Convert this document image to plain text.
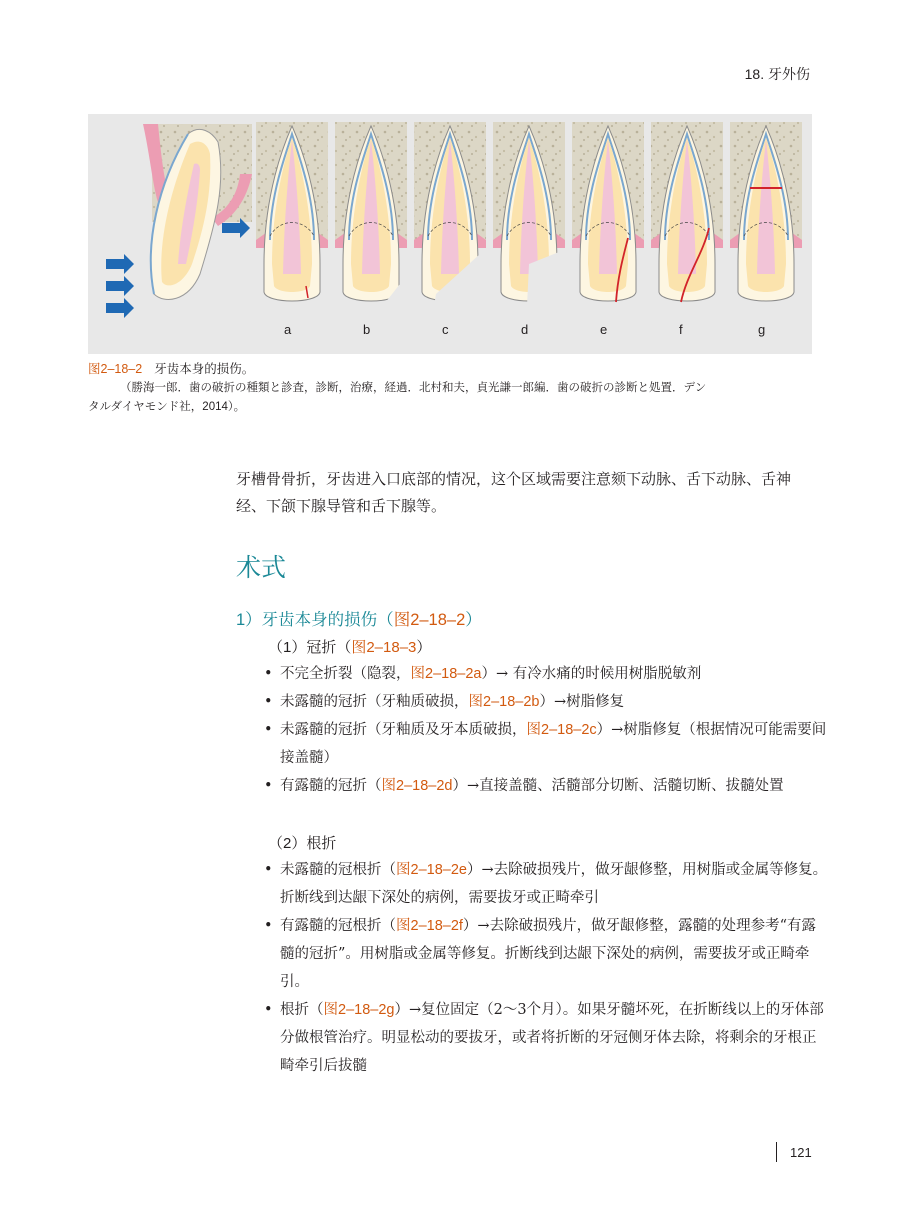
18. 牙外伤
a	b	c	d	e	f	g
图2–18–2 牙齿本身的损伤。
（勝海一郎．歯の破折の種類と診査，診断，治療，経過．北村和夫，貞光謙一郎編．歯の破折の診断と処置．デン
タルダイヤモンド社，2014）。
牙槽骨骨折，牙齿进入口底部的情况，这个区域需要注意颏下动脉、舌下动脉、舌神经、下颌下腺导管和舌下腺等。
术式
1）牙齿本身的损伤（图2–18–2）
（1）冠折（图2–18–3）
• 不完全折裂（隐裂，图2–18–2a）→ 有冷水痛的时候用树脂脱敏剂
• 未露髓的冠折（牙釉质破损，图2–18–2b）→树脂修复
• 未露髓的冠折（牙釉质及牙本质破损，图2–18–2c）→树脂修复（根据情况可能需要间接盖髓）
• 有露髓的冠折（图2–18–2d）→直接盖髓、活髓部分切断、活髓切断、拔髓处置
（2）根折
• 未露髓的冠根折（图2–18–2e）→去除破损残片，做牙龈修整，用树脂或金属等修复。折断线到达龈下深处的病例，需要拔牙或正畸牵引
• 有露髓的冠根折（图2–18–2f）→去除破损残片，做牙龈修整，露髓的处理参考“有露髓的冠折”。用树脂或金属等修复。折断线到达龈下深处的病例，需要拔牙或正畸牵引。
• 根折（图2–18–2g）→复位固定（2～3个月）。如果牙髓坏死，在折断线以上的牙体部分做根管治疗。明显松动的要拔牙，或者将折断的牙冠侧牙体去除，将剩余的牙根正畸牵引后拔髓
121
